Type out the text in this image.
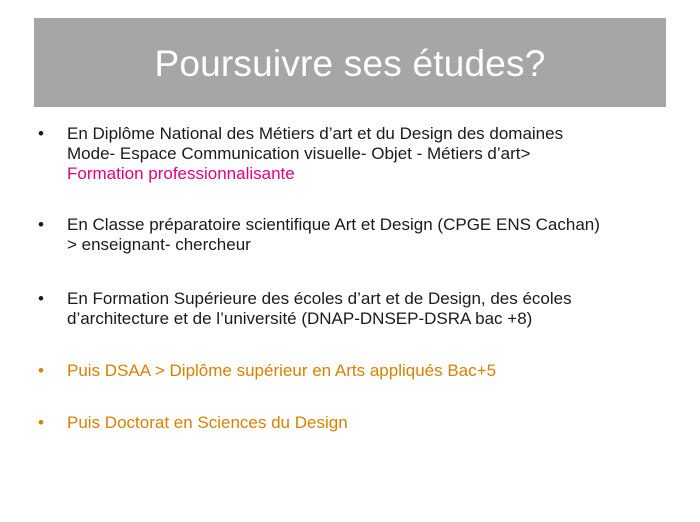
Poursuivre ses études?
• En Diplôme National des Métiers d’art et du Design des domaines
Mode- Espace Communication visuelle- Objet - Métiers d’art>
Formation professionnalisante
• En Classe préparatoire scientifique Art et Design (CPGE ENS Cachan)
> enseignant- chercheur
• En Formation Supérieure des écoles d’art et de Design, des écoles
d’architecture et de l’université (DNAP-DNSEP-DSRA bac +8)
• Puis DSAA > Diplôme supérieur en Arts appliqués Bac+5
• Puis Doctorat en Sciences du Design
